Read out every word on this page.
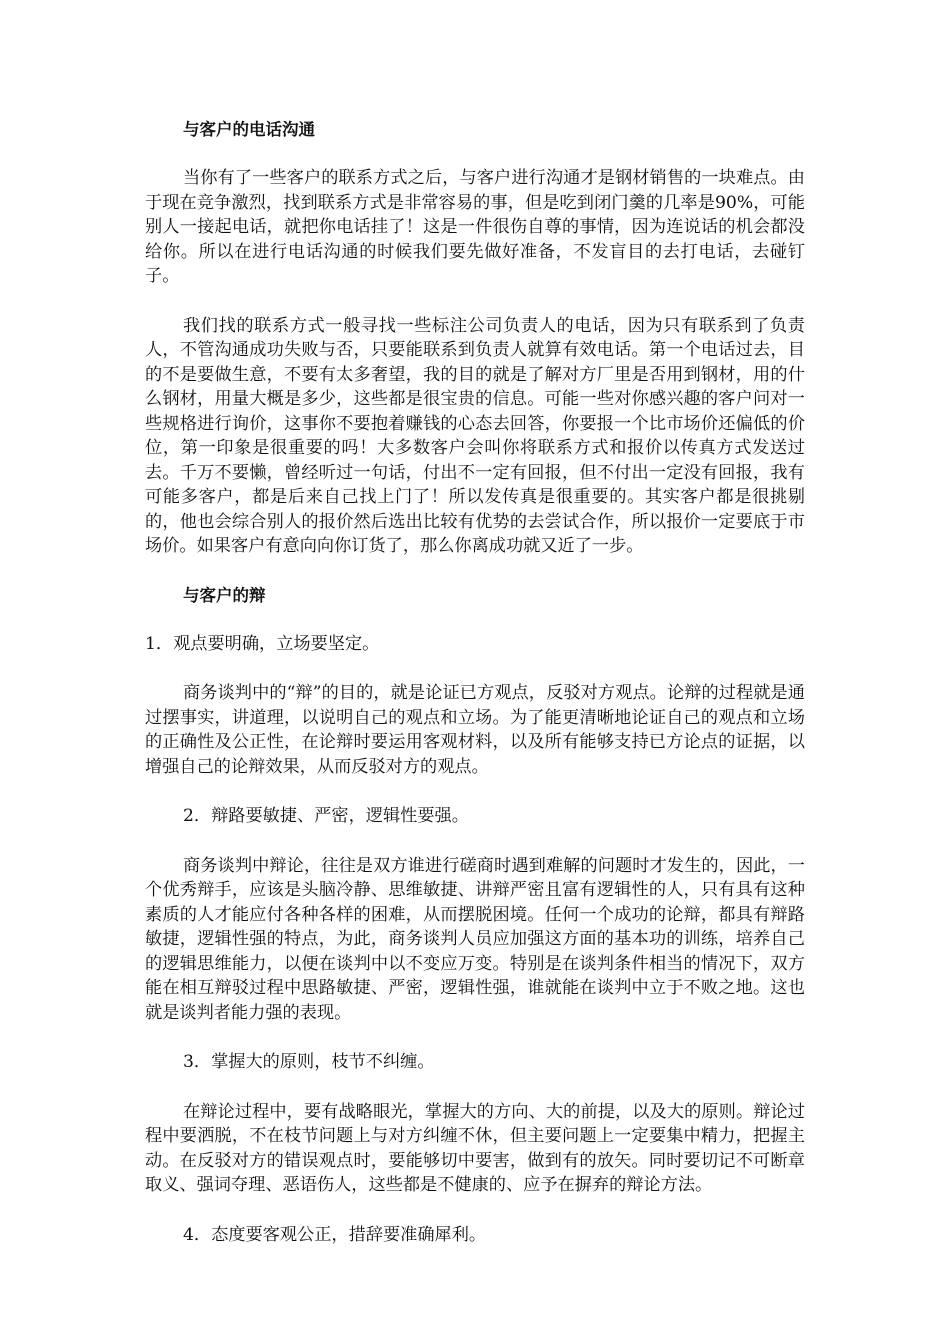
与客户的电话沟通

当你有了一些客户的联系方式之后，与客户进行沟通才是钢材销售的一块难点。由于现在竞争激烈，找到联系方式是非常容易的事，但是吃到闭门羹的几率是90%，可能别人一接起电话，就把你电话挂了！这是一件很伤自尊的事情，因为连说话的机会都没给你。所以在进行电话沟通的时候我们要先做好准备，不发盲目的去打电话，去碰钉子。

我们找的联系方式一般寻找一些标注公司负责人的电话，因为只有联系到了负责人，不管沟通成功失败与否，只要能联系到负责人就算有效电话。第一个电话过去，目的不是要做生意，不要有太多奢望，我的目的就是了解对方厂里是否用到钢材，用的什么钢材，用量大概是多少，这些都是很宝贵的信息。可能一些对你感兴趣的客户问对一些规格进行询价，这事你不要抱着赚钱的心态去回答，你要报一个比市场价还偏低的价位，第一印象是很重要的吗！大多数客户会叫你将联系方式和报价以传真方式发送过去。千万不要懒，曾经听过一句话，付出不一定有回报，但不付出一定没有回报，我有可能多客户，都是后来自己找上门了！所以发传真是很重要的。其实客户都是很挑剔的，他也会综合别人的报价然后选出比较有优势的去尝试合作，所以报价一定要底于市场价。如果客户有意向向你订货了，那么你离成功就又近了一步。

与客户的辩

1．观点要明确，立场要坚定。

商务谈判中的“辩”的目的，就是论证已方观点，反驳对方观点。论辩的过程就是通过摆事实，讲道理，以说明自己的观点和立场。为了能更清晰地论证自己的观点和立场的正确性及公正性，在论辩时要运用客观材料，以及所有能够支持已方论点的证据，以增强自己的论辩效果，从而反驳对方的观点。

2．辩路要敏捷、严密，逻辑性要强。

商务谈判中辩论，往往是双方谁进行磋商时遇到难解的问题时才发生的，因此，一个优秀辩手，应该是头脑冷静、思维敏捷、讲辩严密且富有逻辑性的人，只有具有这种素质的人才能应付各种各样的困难，从而摆脱困境。任何一个成功的论辩，都具有辩路敏捷，逻辑性强的特点，为此，商务谈判人员应加强这方面的基本功的训练，培养自己的逻辑思维能力，以便在谈判中以不变应万变。特别是在谈判条件相当的情况下，双方能在相互辩驳过程中思路敏捷、严密，逻辑性强，谁就能在谈判中立于不败之地。这也就是谈判者能力强的表现。

3．掌握大的原则，枝节不纠缠。

在辩论过程中，要有战略眼光，掌握大的方向、大的前提，以及大的原则。辩论过程中要洒脱，不在枝节问题上与对方纠缠不休，但主要问题上一定要集中精力，把握主动。在反驳对方的错误观点时，要能够切中要害，做到有的放矢。同时要切记不可断章取义、强词夺理、恶语伤人，这些都是不健康的、应予在摒弃的辩论方法。

4．态度要客观公正，措辞要准确犀利。
